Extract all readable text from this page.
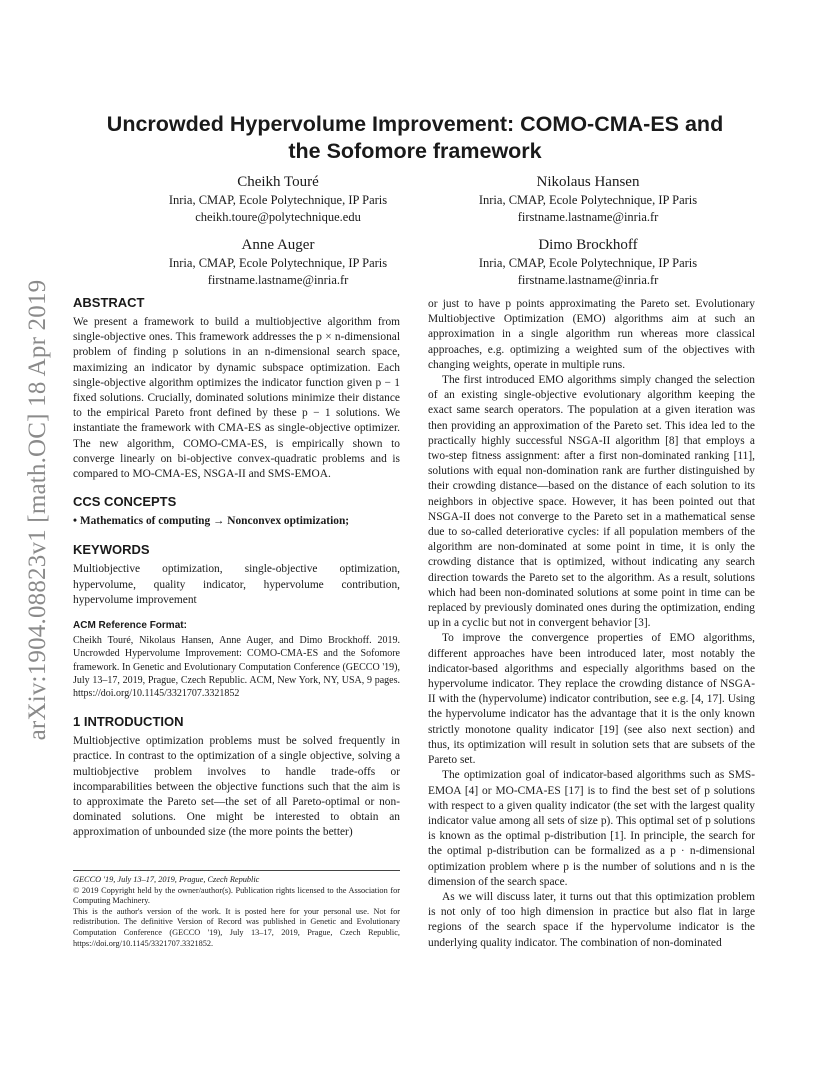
arXiv:1904.08823v1 [math.OC] 18 Apr 2019
Uncrowded Hypervolume Improvement: COMO-CMA-ES and
the Sofomore framework
Cheikh Touré
Inria, CMAP, Ecole Polytechnique, IP Paris
cheikh.toure@polytechnique.edu
Nikolaus Hansen
Inria, CMAP, Ecole Polytechnique, IP Paris
firstname.lastname@inria.fr
Anne Auger
Inria, CMAP, Ecole Polytechnique, IP Paris
firstname.lastname@inria.fr
Dimo Brockhoff
Inria, CMAP, Ecole Polytechnique, IP Paris
firstname.lastname@inria.fr
ABSTRACT

We present a framework to build a multiobjective algorithm from single-objective ones. This framework addresses the p × n-dimensional problem of finding p solutions in an n-dimensional search space, maximizing an indicator by dynamic subspace optimization. Each single-objective algorithm optimizes the indicator function given p − 1 fixed solutions. Crucially, dominated solutions minimize their distance to the empirical Pareto front defined by these p − 1 solutions. We instantiate the framework with CMA-ES as single-objective optimizer. The new algorithm, COMO-CMA-ES, is empirically shown to converge linearly on bi-objective convex-quadratic problems and is compared to MO-CMA-ES, NSGA-II and SMS-EMOA.

CCS CONCEPTS

• Mathematics of computing → Nonconvex optimization;

KEYWORDS

Multiobjective optimization, single-objective optimization, hypervolume, quality indicator, hypervolume contribution, hypervolume improvement

ACM Reference Format:

Cheikh Touré, Nikolaus Hansen, Anne Auger, and Dimo Brockhoff. 2019. Uncrowded Hypervolume Improvement: COMO-CMA-ES and the Sofomore framework. In Genetic and Evolutionary Computation Conference (GECCO '19), July 13–17, 2019, Prague, Czech Republic. ACM, New York, NY, USA, 9 pages. https://doi.org/10.1145/3321707.3321852

1 INTRODUCTION

Multiobjective optimization problems must be solved frequently in practice. In contrast to the optimization of a single objective, solving a multiobjective problem involves to handle trade-offs or incomparabilities between the objective functions such that the aim is to approximate the Pareto set—the set of all Pareto-optimal or non-dominated solutions. One might be interested to obtain an approximation of unbounded size (the more points the better)

GECCO '19, July 13–17, 2019, Prague, Czech Republic

© 2019 Copyright held by the owner/author(s). Publication rights licensed to the Association for Computing Machinery.

This is the author's version of the work. It is posted here for your personal use. Not for redistribution. The definitive Version of Record was published in Genetic and Evolutionary Computation Conference (GECCO '19), July 13–17, 2019, Prague, Czech Republic, https://doi.org/10.1145/3321707.3321852.

or just to have p points approximating the Pareto set. Evolutionary Multiobjective Optimization (EMO) algorithms aim at such an approximation in a single algorithm run whereas more classical approaches, e.g. optimizing a weighted sum of the objectives with changing weights, operate in multiple runs.

The first introduced EMO algorithms simply changed the selection of an existing single-objective evolutionary algorithm keeping the exact same search operators. The population at a given iteration was then providing an approximation of the Pareto set. This idea led to the practically highly successful NSGA-II algorithm [8] that employs a two-step fitness assignment: after a first non-dominated ranking [11], solutions with equal non-domination rank are further distinguished by their crowding distance—based on the distance of each solution to its neighbors in objective space. However, it has been pointed out that NSGA-II does not converge to the Pareto set in a mathematical sense due to so-called deteriorative cycles: if all population members of the algorithm are non-dominated at some point in time, it is only the crowding distance that is optimized, without indicating any search direction towards the Pareto set to the algorithm. As a result, solutions which had been non-dominated solutions at some point in time can be replaced by previously dominated ones during the optimization, ending up in a cyclic but not in convergent behavior [3].

To improve the convergence properties of EMO algorithms, different approaches have been introduced later, most notably the indicator-based algorithms and especially algorithms based on the hypervolume indicator. They replace the crowding distance of NSGA-II with the (hypervolume) indicator contribution, see e.g. [4, 17]. Using the hypervolume indicator has the advantage that it is the only known strictly monotone quality indicator [19] (see also next section) and thus, its optimization will result in solution sets that are subsets of the Pareto set.

The optimization goal of indicator-based algorithms such as SMS-EMOA [4] or MO-CMA-ES [17] is to find the best set of p solutions with respect to a given quality indicator (the set with the largest quality indicator value among all sets of size p). This optimal set of p solutions is known as the optimal p-distribution [1]. In principle, the search for the optimal p-distribution can be formalized as a p · n-dimensional optimization problem where p is the number of solutions and n is the dimension of the search space.

As we will discuss later, it turns out that this optimization problem is not only of too high dimension in practice but also flat in large regions of the search space if the hypervolume indicator is the underlying quality indicator. The combination of non-dominated
